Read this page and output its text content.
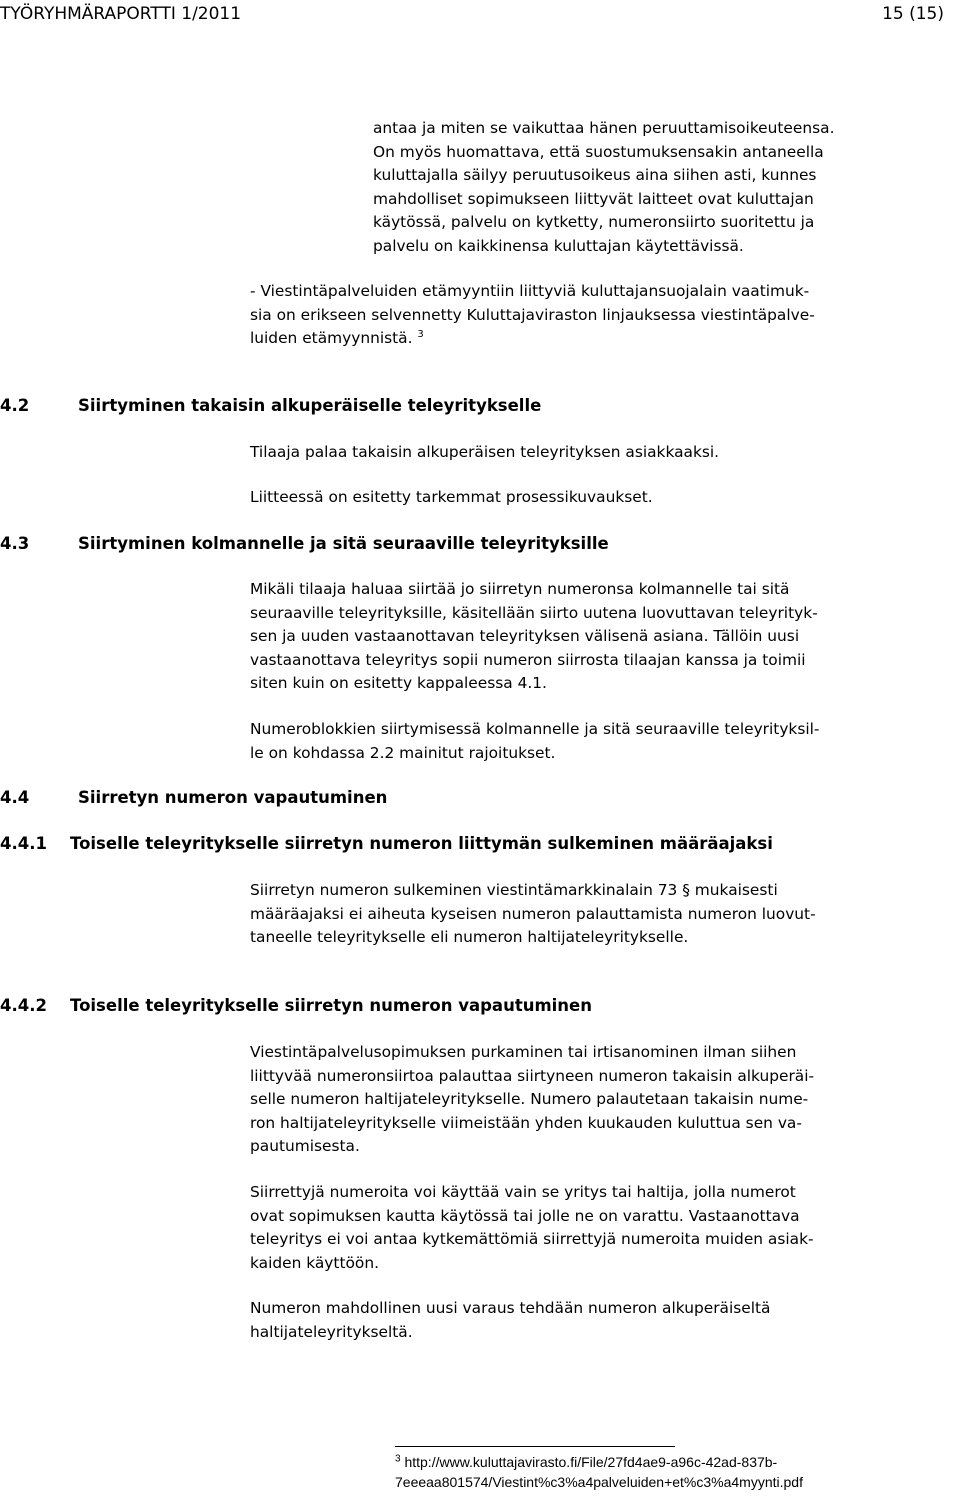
TYÖRYHMÄRAPORTTI 1/2011	15 (15)
antaa ja miten se vaikuttaa hänen peruuttamisoikeuteensa.
On myös huomattava, että suostumuksensakin antaneella
kuluttajalla säilyy peruutusoikeus aina siihen asti, kunnes
mahdolliset sopimukseen liittyvät laitteet ovat kuluttajan
käytössä, palvelu on kytketty, numeronsiirto suoritettu ja
palvelu on kaikkinensa kuluttajan käytettävissä.
- Viestintäpalveluiden etämyyntiin liittyviä kuluttajansuojalain vaatimuk-
sia on erikseen selvennetty Kuluttajaviraston linjauksessa viestintäpalve-
luiden etämyynnistä. $^3$
4.2	Siirtyminen takaisin alkuperäiselle teleyritykselle
Tilaaja palaa takaisin alkuperäisen teleyrityksen asiakkaaksi.
Liitteessä on esitetty tarkemmat prosessikuvaukset.
4.3	Siirtyminen kolmannelle ja sitä seuraaville teleyrityksille
Mikäli tilaaja haluaa siirtää jo siirretyn numeronsa kolmannelle tai sitä
seuraaville teleyrityksille, käsitellään siirto uutena luovuttavan teleyrityk-
sen ja uuden vastaanottavan teleyrityksen välisenä asiana. Tällöin uusi
vastaanottava teleyritys sopii numeron siirrosta tilaajan kanssa ja toimii
siten kuin on esitetty kappaleessa 4.1.
Numeroblokkien siirtymisessä kolmannelle ja sitä seuraaville teleyrityksil-
le on kohdassa 2.2 mainitut rajoitukset.
4.4	Siirretyn numeron vapautuminen
4.4.1 Toiselle teleyritykselle siirretyn numeron liittymän sulkeminen määräajaksi
Siirretyn numeron sulkeminen viestintämarkkinalain 73 § mukaisesti
määräajaksi ei aiheuta kyseisen numeron palauttamista numeron luovut-
taneelle teleyritykselle eli numeron haltijateleyritykselle.
4.4.2 Toiselle teleyritykselle siirretyn numeron vapautuminen
Viestintäpalvelusopimuksen purkaminen tai irtisanominen ilman siihen
liittyvää numeronsiirtoa palauttaa siirtyneen numeron takaisin alkuperäi-
selle numeron haltijateleyritykselle. Numero palautetaan takaisin nume-
ron haltijateleyritykselle viimeistään yhden kuukauden kuluttua sen va-
pautumisesta.
Siirrettyjä numeroita voi käyttää vain se yritys tai haltija, jolla numerot
ovat sopimuksen kautta käytössä tai jolle ne on varattu. Vastaanottava
teleyritys ei voi antaa kytkemättömiä siirrettyjä numeroita muiden asiak-
kaiden käyttöön.
Numeron mahdollinen uusi varaus tehdään numeron alkuperäiseltä
haltijateleyritykseltä.
$^3$ http://www.kuluttajavirasto.fi/File/27fd4ae9-a96c-42ad-837b-
7eeeaa801574/Viestint%c3%a4palveluiden+et%c3%a4myynti.pdf
